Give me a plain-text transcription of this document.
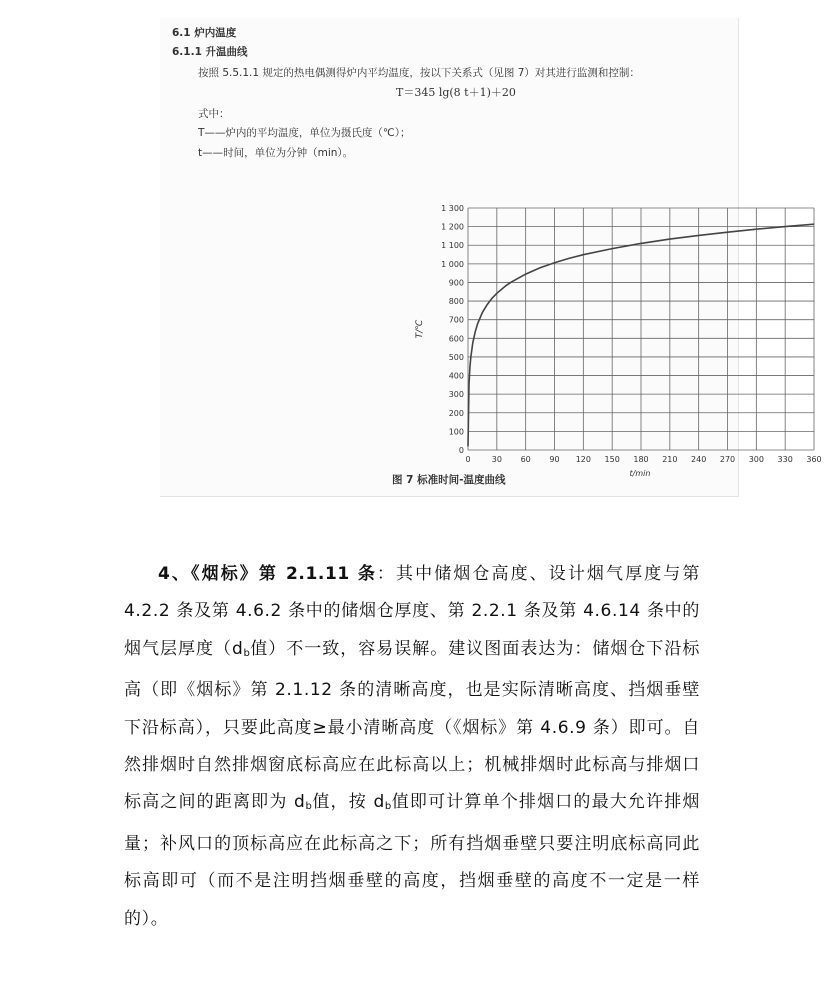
6.1 炉内温度
6.1.1 升温曲线
按照 5.5.1.1 规定的热电偶测得炉内平均温度，按以下关系式（见图 7）对其进行监测和控制：
T＝345 lg(8 t＋1)＋20
式中：
T——炉内的平均温度，单位为摄氏度（℃）；
t——时间，单位为分钟（min）。
0
100
200
300
400
500
600
700
800
900
1 000
1 100
1 200
1 300
0	30 60 90 120 150 180 210 240 270 300 330 360
T/℃
t/min
图 7 标准时间-温度曲线

4、《烟标》第 2.1.11 条：其中储烟仓高度、设计烟气厚度与第 4.2.2 条及第 4.6.2 条中的储烟仓厚度、第 2.2.1 条及第 4.6.14 条中的烟气层厚度（$d_b$值）不一致，容易误解。建议图面表达为：储烟仓下沿标高（即《烟标》第 2.1.12 条的清晰高度，也是实际清晰高度、挡烟垂壁下沿标高），只要此高度≥最小清晰高度（《烟标》第 4.6.9 条）即可。自然排烟时自然排烟窗底标高应在此标高以上；机械排烟时此标高与排烟口标高之间的距离即为 $d_b$值，按 $d_b$值即可计算单个排烟口的最大允许排烟量；补风口的顶标高应在此标高之下；所有挡烟垂壁只要注明底标高同此标高即可（而不是注明挡烟垂壁的高度，挡烟垂壁的高度不一定是一样的）。
